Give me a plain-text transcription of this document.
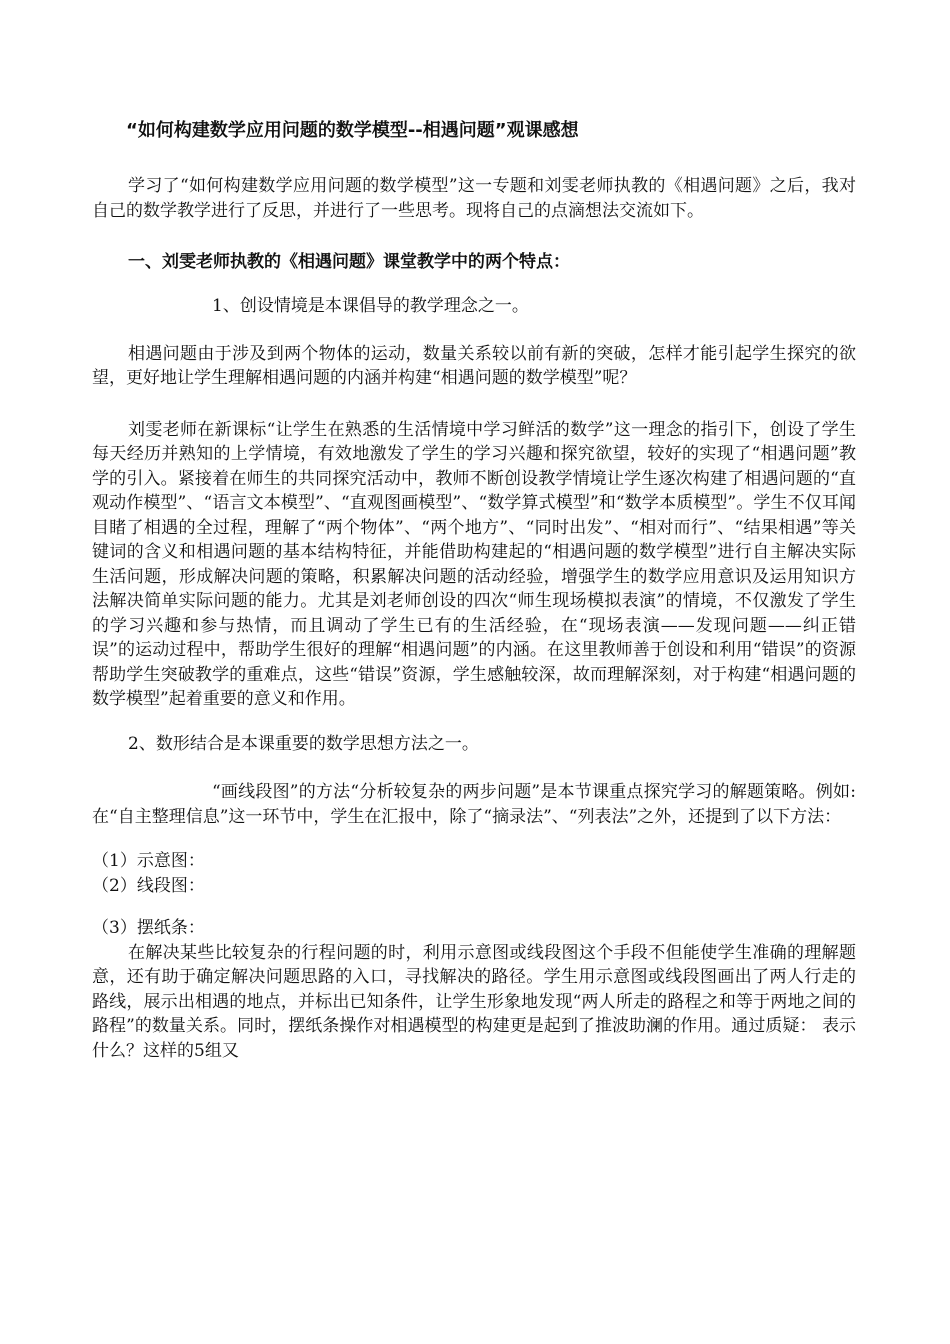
“如何构建数学应用问题的数学模型--相遇问题”观课感想

学习了“如何构建数学应用问题的数学模型”这一专题和刘雯老师执教的《相遇问题》之后，我对自己的数学教学进行了反思，并进行了一些思考。现将自己的点滴想法交流如下。

一、刘雯老师执教的《相遇问题》课堂教学中的两个特点：

1、创设情境是本课倡导的教学理念之一。

相遇问题由于涉及到两个物体的运动，数量关系较以前有新的突破，怎样才能引起学生探究的欲望，更好地让学生理解相遇问题的内涵并构建“相遇问题的数学模型”呢？

刘雯老师在新课标“让学生在熟悉的生活情境中学习鲜活的数学”这一理念的指引下，创设了学生每天经历并熟知的上学情境，有效地激发了学生的学习兴趣和探究欲望，较好的实现了“相遇问题”教学的引入。紧接着在师生的共同探究活动中，教师不断创设教学情境让学生逐次构建了相遇问题的“直观动作模型”、“语言文本模型”、“直观图画模型”、“数学算式模型”和“数学本质模型”。学生不仅耳闻目睹了相遇的全过程，理解了“两个物体”、“两个地方”、“同时出发”、“相对而行”、“结果相遇”等关键词的含义和相遇问题的基本结构特征，并能借助构建起的“相遇问题的数学模型”进行自主解决实际生活问题，形成解决问题的策略，积累解决问题的活动经验，增强学生的数学应用意识及运用知识方法解决简单实际问题的能力。尤其是刘老师创设的四次“师生现场模拟表演”的情境，不仅激发了学生的学习兴趣和参与热情，而且调动了学生已有的生活经验，在“现场表演——发现问题——纠正错误”的运动过程中，帮助学生很好的理解“相遇问题”的内涵。在这里教师善于创设和利用“错误”的资源帮助学生突破教学的重难点，这些“错误”资源，学生感触较深，故而理解深刻，对于构建“相遇问题的数学模型”起着重要的意义和作用。

2、数形结合是本课重要的数学思想方法之一。

“画线段图”的方法“分析较复杂的两步问题”是本节课重点探究学习的解题策略。例如:在“自主整理信息”这一环节中，学生在汇报中，除了“摘录法”、“列表法”之外，还提到了以下方法：

（1）示意图：

（2）线段图：

（3）摆纸条：

在解决某些比较复杂的行程问题的时，利用示意图或线段图这个手段不但能使学生准确的理解题意，还有助于确定解决问题思路的入口，寻找解决的路径。学生用示意图或线段图画出了两人行走的路线，展示出相遇的地点，并标出已知条件，让学生形象地发现“两人所走的路程之和等于两地之间的路程”的数量关系。同时，摆纸条操作对相遇模型的构建更是起到了推波助澜的作用。通过质疑： 表示什么？这样的5组又
